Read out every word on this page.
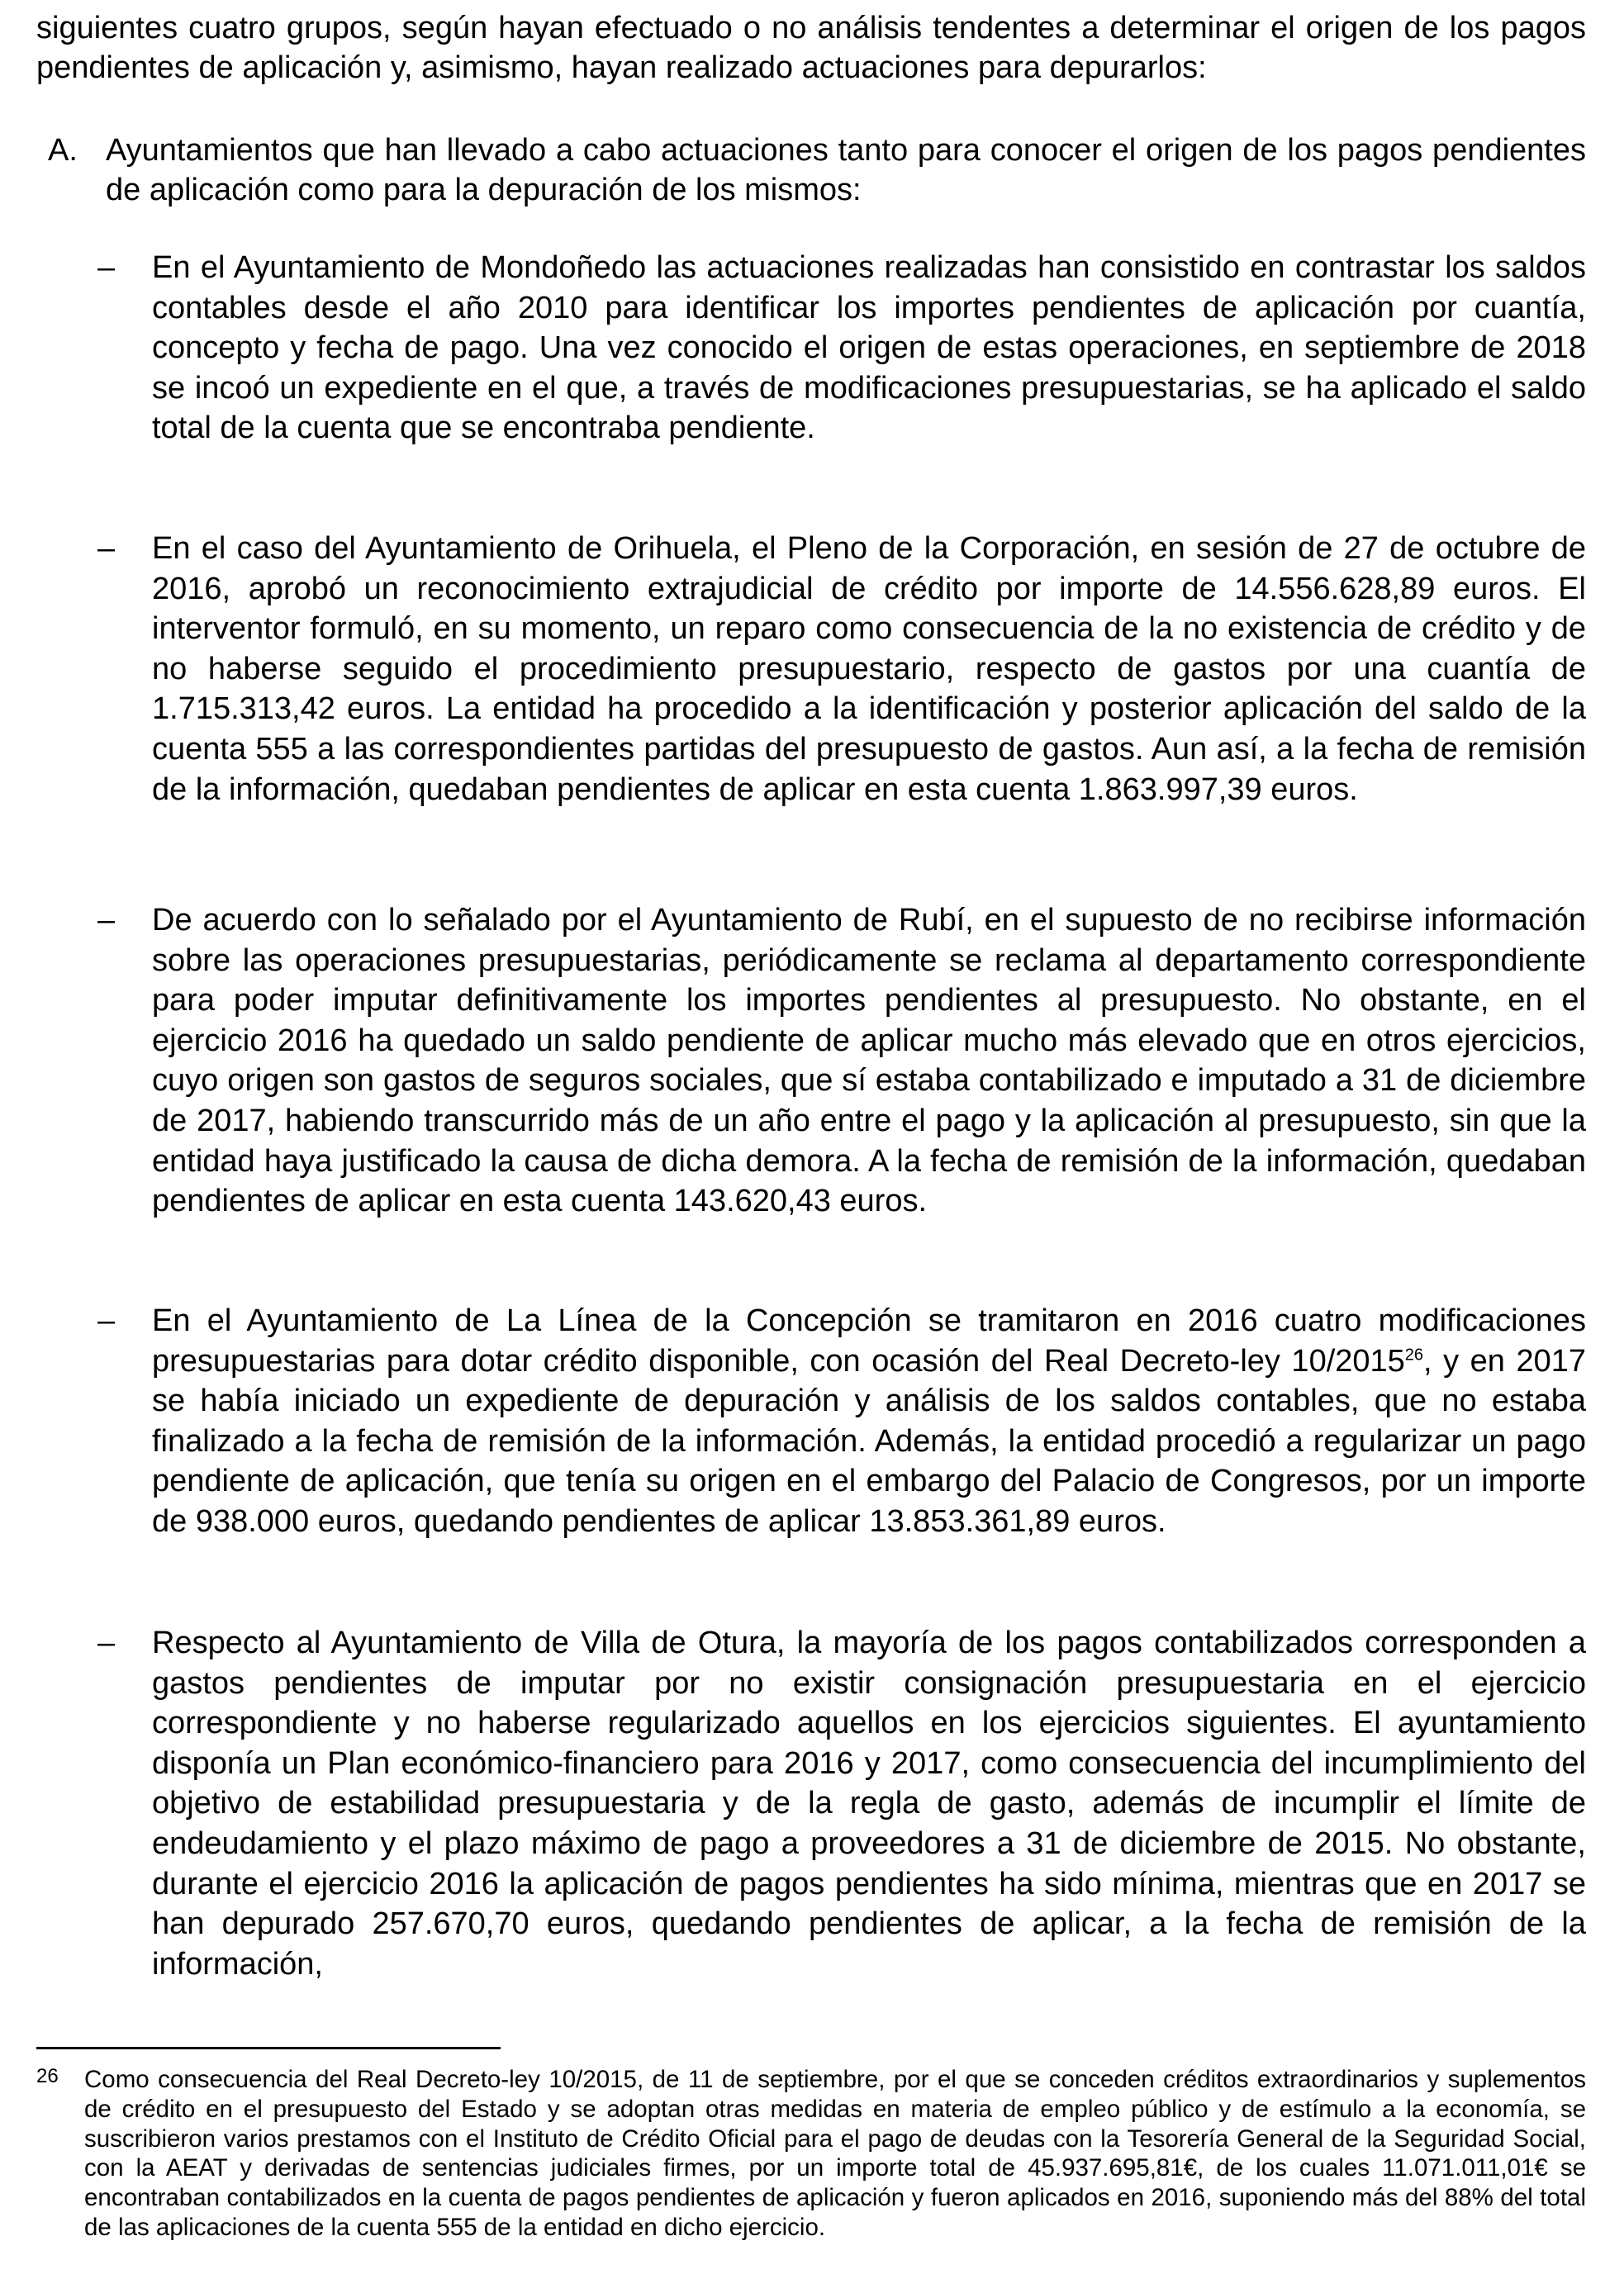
siguientes cuatro grupos, según hayan efectuado o no análisis tendentes a determinar el origen de los pagos pendientes de aplicación y, asimismo, hayan realizado actuaciones para depurarlos:

A. Ayuntamientos que han llevado a cabo actuaciones tanto para conocer el origen de los pagos pendientes de aplicación como para la depuración de los mismos:
– En el Ayuntamiento de Mondoñedo las actuaciones realizadas han consistido en contrastar los saldos contables desde el año 2010 para identificar los importes pendientes de aplicación por cuantía, concepto y fecha de pago. Una vez conocido el origen de estas operaciones, en septiembre de 2018 se incoó un expediente en el que, a través de modificaciones presupuestarias, se ha aplicado el saldo total de la cuenta que se encontraba pendiente.
– En el caso del Ayuntamiento de Orihuela, el Pleno de la Corporación, en sesión de 27 de octubre de 2016, aprobó un reconocimiento extrajudicial de crédito por importe de 14.556.628,89 euros. El interventor formuló, en su momento, un reparo como consecuencia de la no existencia de crédito y de no haberse seguido el procedimiento presupuestario, respecto de gastos por una cuantía de 1.715.313,42 euros. La entidad ha procedido a la identificación y posterior aplicación del saldo de la cuenta 555 a las correspondientes partidas del presupuesto de gastos. Aun así, a la fecha de remisión de la información, quedaban pendientes de aplicar en esta cuenta 1.863.997,39 euros.
– De acuerdo con lo señalado por el Ayuntamiento de Rubí, en el supuesto de no recibirse información sobre las operaciones presupuestarias, periódicamente se reclama al departamento correspondiente para poder imputar definitivamente los importes pendientes al presupuesto. No obstante, en el ejercicio 2016 ha quedado un saldo pendiente de aplicar mucho más elevado que en otros ejercicios, cuyo origen son gastos de seguros sociales, que sí estaba contabilizado e imputado a 31 de diciembre de 2017, habiendo transcurrido más de un año entre el pago y la aplicación al presupuesto, sin que la entidad haya justificado la causa de dicha demora. A la fecha de remisión de la información, quedaban pendientes de aplicar en esta cuenta 143.620,43 euros.
– En el Ayuntamiento de La Línea de la Concepción se tramitaron en 2016 cuatro modificaciones presupuestarias para dotar crédito disponible, con ocasión del Real Decreto-ley 10/2015$^{26}$, y en 2017 se había iniciado un expediente de depuración y análisis de los saldos contables, que no estaba finalizado a la fecha de remisión de la información. Además, la entidad procedió a regularizar un pago pendiente de aplicación, que tenía su origen en el embargo del Palacio de Congresos, por un importe de 938.000 euros, quedando pendientes de aplicar 13.853.361,89 euros.
– Respecto al Ayuntamiento de Villa de Otura, la mayoría de los pagos contabilizados corresponden a gastos pendientes de imputar por no existir consignación presupuestaria en el ejercicio correspondiente y no haberse regularizado aquellos en los ejercicios siguientes. El ayuntamiento disponía un Plan económico-financiero para 2016 y 2017, como consecuencia del incumplimiento del objetivo de estabilidad presupuestaria y de la regla de gasto, además de incumplir el límite de endeudamiento y el plazo máximo de pago a proveedores a 31 de diciembre de 2015. No obstante, durante el ejercicio 2016 la aplicación de pagos pendientes ha sido mínima, mientras que en 2017 se han depurado 257.670,70 euros, quedando pendientes de aplicar, a la fecha de remisión de la información,
26 Como consecuencia del Real Decreto-ley 10/2015, de 11 de septiembre, por el que se conceden créditos extraordinarios y suplementos de crédito en el presupuesto del Estado y se adoptan otras medidas en materia de empleo público y de estímulo a la economía, se suscribieron varios prestamos con el Instituto de Crédito Oficial para el pago de deudas con la Tesorería General de la Seguridad Social, con la AEAT y derivadas de sentencias judiciales firmes, por un importe total de 45.937.695,81€, de los cuales 11.071.011,01€ se encontraban contabilizados en la cuenta de pagos pendientes de aplicación y fueron aplicados en 2016, suponiendo más del 88% del total de las aplicaciones de la cuenta 555 de la entidad en dicho ejercicio.
